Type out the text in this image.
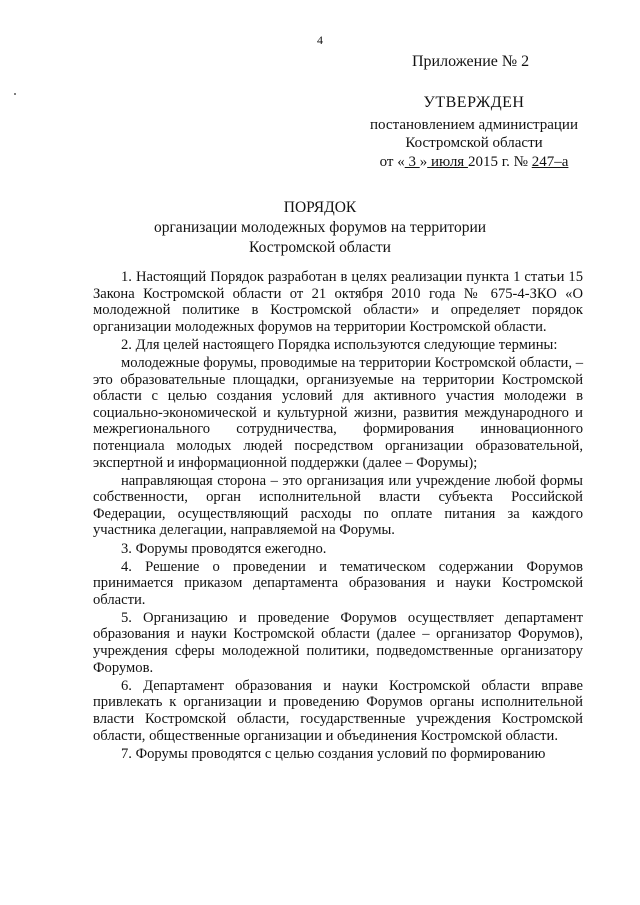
4
Приложение № 2
УТВЕРЖДЕН
постановлением администрации
Костромской области
от « 3 » июля 2015 г. № 247–а
ПОРЯДОК
организации молодежных форумов на территории
Костромской области

1. Настоящий Порядок разработан в целях реализации пункта 1 статьи 15 Закона Костромской области от 21 октября 2010 года № 675-4-ЗКО «О молодежной политике в Костромской области» и определяет порядок организации молодежных форумов на территории Костромской области.

2. Для целей настоящего Порядка используются следующие термины:

молодежные форумы, проводимые на территории Костромской области, – это образовательные площадки, организуемые на территории Костромской области с целью создания условий для активного участия молодежи в социально-экономической и культурной жизни, развития международного и межрегионального сотрудничества, формирования инновационного потенциала молодых людей посредством организации образовательной, экспертной и информационной поддержки (далее – Форумы);

направляющая сторона – это организация или учреждение любой формы собственности, орган исполнительной власти субъекта Российской Федерации, осуществляющий расходы по оплате питания за каждого участника делегации, направляемой на Форумы.

3. Форумы проводятся ежегодно.

4. Решение о проведении и тематическом содержании Форумов принимается приказом департамента образования и науки Костромской области.

5. Организацию и проведение Форумов осуществляет департамент образования и науки Костромской области (далее – организатор Форумов), учреждения сферы молодежной политики, подведомственные организатору Форумов.

6. Департамент образования и науки Костромской области вправе привлекать к организации и проведению Форумов органы исполнительной власти Костромской области, государственные учреждения Костромской области, общественные организации и объединения Костромской области.

7. Форумы проводятся с целью создания условий по формированию
